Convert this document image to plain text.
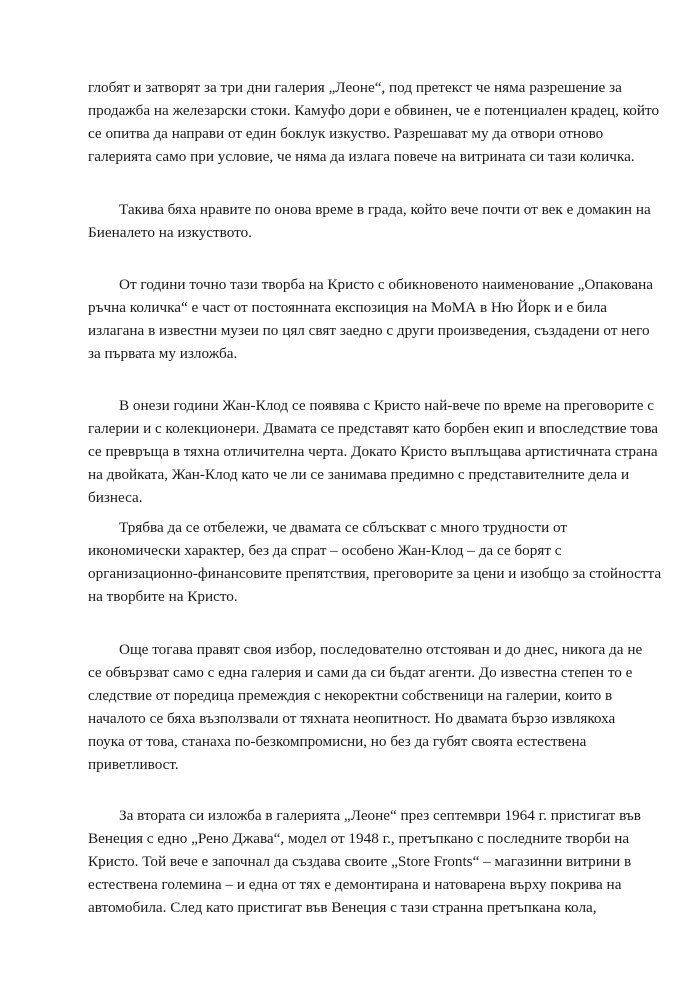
глобят и затворят за три дни галерия „Леоне“, под претекст че няма разрешение за
продажба на железарски стоки. Камуфо дори е обвинен, че е потенциален крадец, който
се опитва да направи от един боклук изкуство. Разрешават му да отвори отново
галерията само при условие, че няма да излага повече на витрината си тази количка.

Такива бяха нравите по онова време в града, който вече почти от век е домакин на
Биеналето на изкуството.

От години точно тази творба на Кристо с обикновеното наименование „Опакована
ръчна количка“ е част от постоянната експозиция на МоМА в Ню Йорк и е била
излагана в известни музеи по цял свят заедно с други произведения, създадени от него
за първата му изложба.

В онези години Жан-Клод се появява с Кристо най-вече по време на преговорите с
галерии и с колекционери. Двамата се представят като борбен екип и впоследствие това
се превръща в тяхна отличителна черта. Докато Кристо въплъщава артистичната страна
на двойката, Жан-Клод като че ли се занимава предимно с представителните дела и
бизнеса.

Трябва да се отбележи, че двамата се сблъскват с много трудности от
икономически характер, без да спрат – особено Жан-Клод – да се борят с
организационно-финансовите препятствия, преговорите за цени и изобщо за стойността
на творбите на Кристо.

Още тогава правят своя избор, последователно отстояван и до днес, никога да не
се обвързват само с една галерия и сами да си бъдат агенти. До известна степен то е
следствие от поредица премеждия с некоректни собственици на галерии, които в
началото се бяха възползвали от тяхната неопитност. Но двамата бързо извлякоха
поука от това, станаха по-безкомпромисни, но без да губят своята естествена
приветливост.

За втората си изложба в галерията „Леоне“ през септември 1964 г. пристигат във
Венеция с едно „Рено Джава“, модел от 1948 г., претъпкано с последните творби на
Кристо. Той вече е започнал да създава своите „Store Fronts“ – магазинни витрини в
естествена големина – и една от тях е демонтирана и натоварена върху покрива на
автомобила. След като пристигат във Венеция с тази странна претъпкана кола,
